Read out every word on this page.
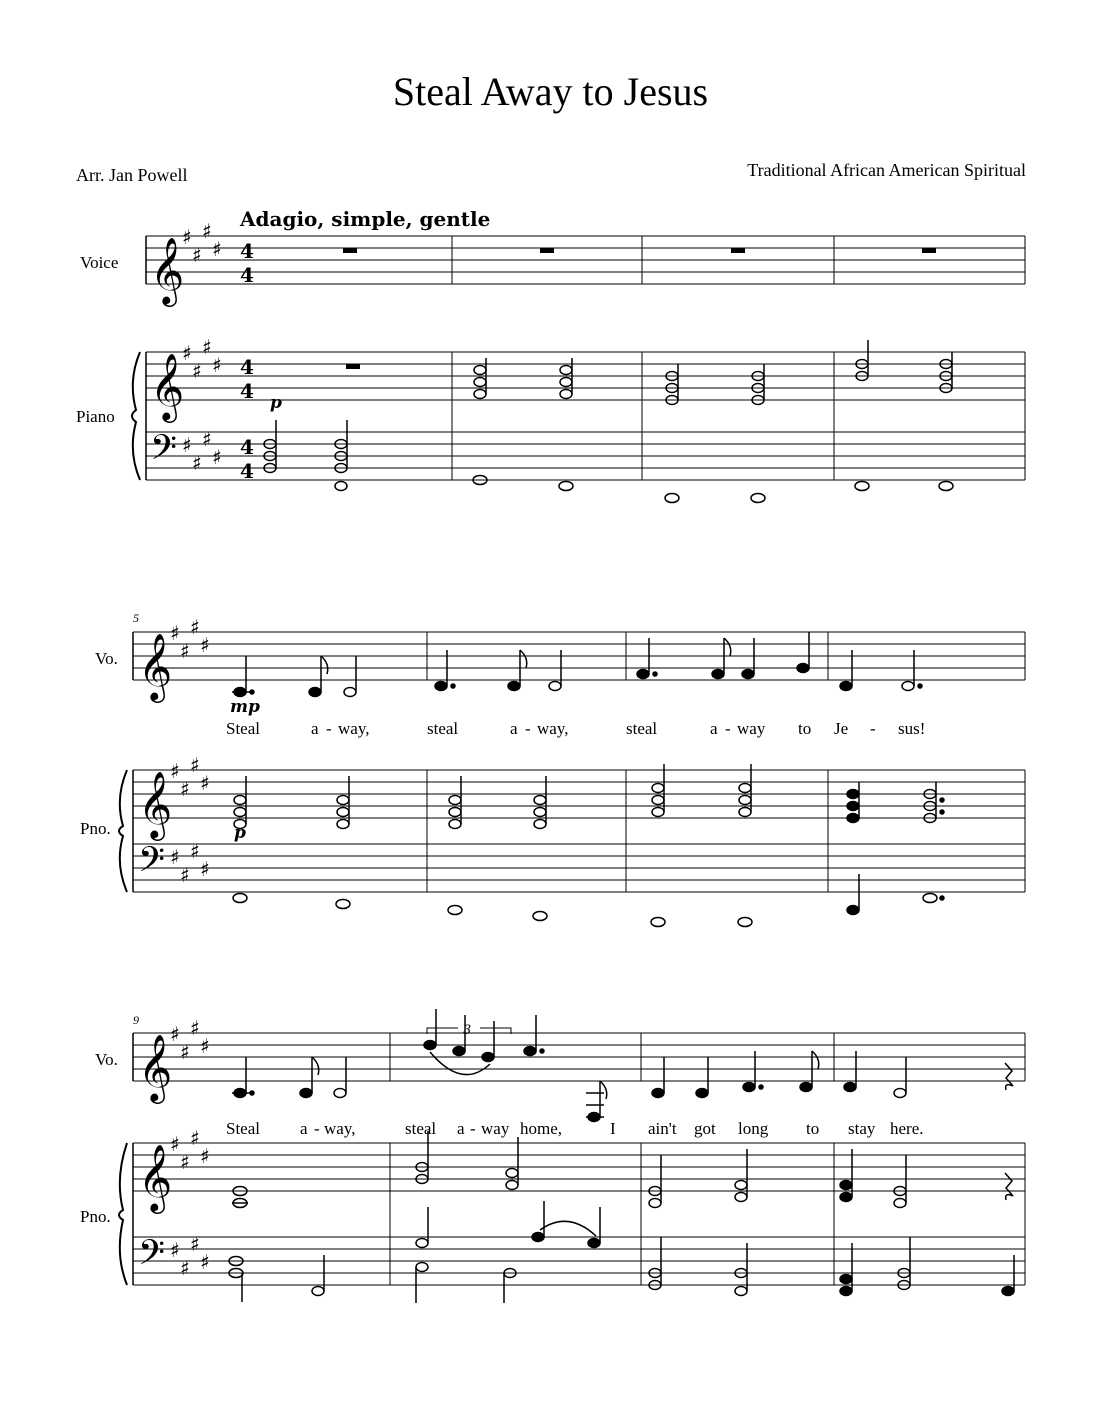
Steal Away to Jesus
Arr. Jan Powell	Traditional African American Spiritual
Adagio, simple, gentle
𝄞
𝄞
𝄢
♯
♯
♯
♯
♯
♯
♯
♯
♯
♯
♯
♯
4
4
4
4
4
4
Voice
Piano
p
𝄞
𝄞
𝄢
♯
♯
♯
♯
♯
♯
♯
♯
♯
♯
♯
♯
5
Vo.
Pno.
mp
p
Steal	a - way,	steal	a - way,	steal	a - way to Je - sus!
𝄞
𝄞
𝄢
♯
♯
♯
♯
♯
♯
♯
♯
♯
♯
♯
♯
9
Vo.
Pno.
3
Steal a - way,	steal a - way home,	I ain't got long to stay here.
